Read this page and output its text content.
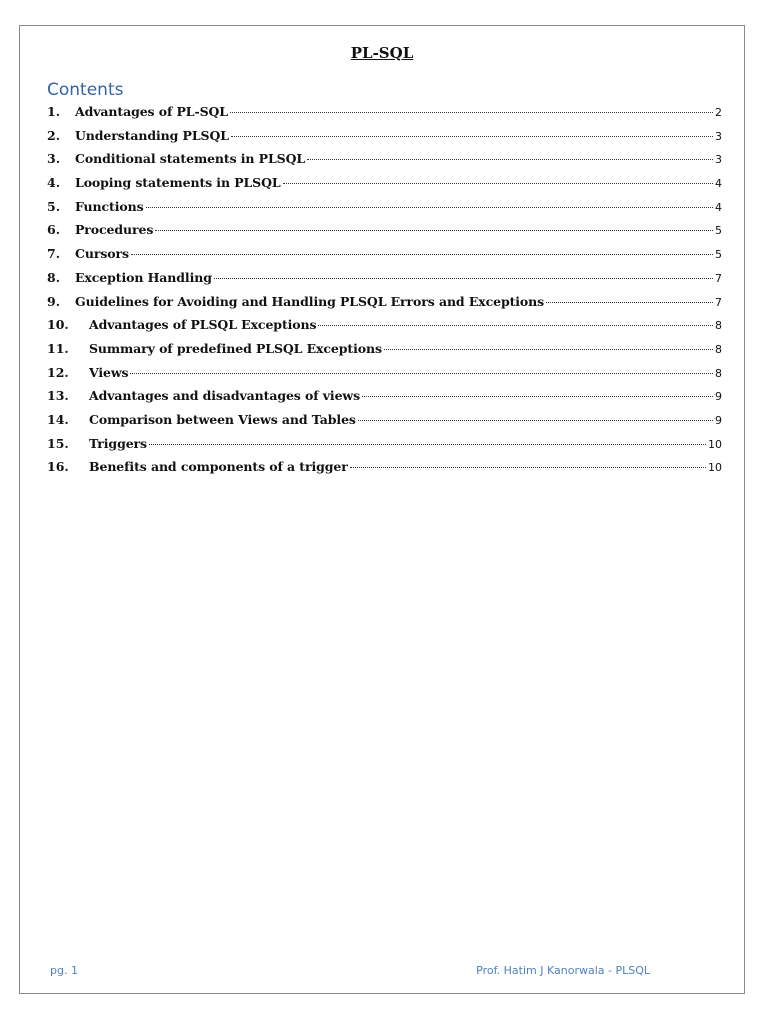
PL-SQL
Contents
1.	Advantages of PL-SQL	2
2.	Understanding PLSQL	3
3.	Conditional statements in PLSQL	3
4.	Looping statements in PLSQL	4
5.	Functions	4
6.	Procedures	5
7.	Cursors	5
8.	Exception Handling	7
9.	Guidelines for Avoiding and Handling PLSQL Errors and Exceptions	7
10.	Advantages of PLSQL Exceptions	8
11.	Summary of predefined PLSQL Exceptions	8
12.	Views	8
13.	Advantages and disadvantages of views	9
14.	Comparison between Views and Tables	9
15.	Triggers	10
16.	Benefits and components of a trigger	10
pg. 1	Prof. Hatim J Kanorwala - PLSQL
